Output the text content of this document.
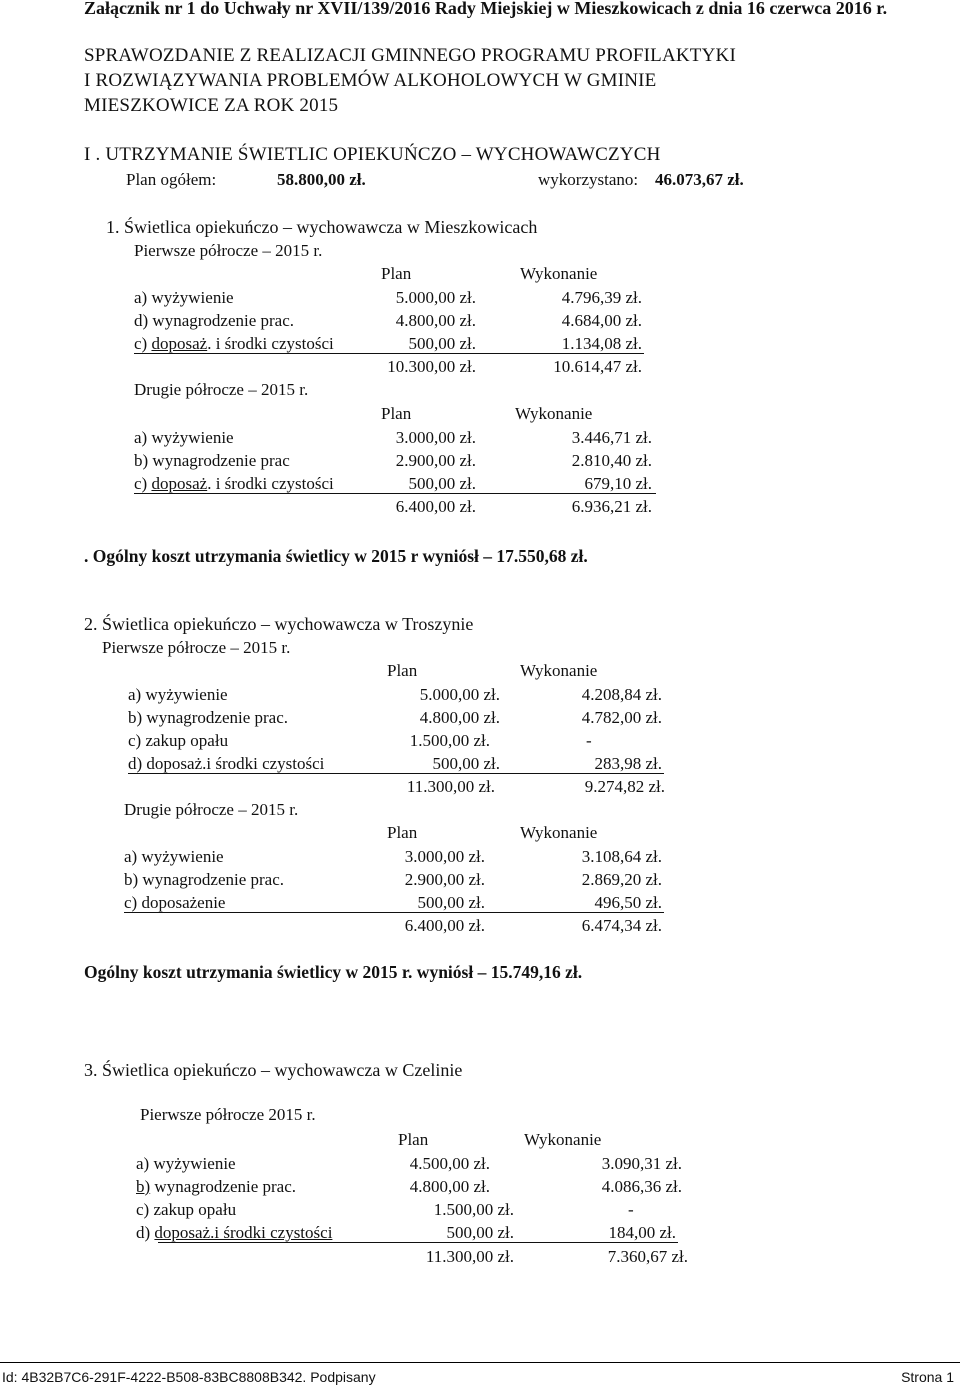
Załącznik nr 1 do Uchwały nr XVII/139/2016 Rady Miejskiej w Mieszkowicach z dnia 16 czerwca 2016 r.
SPRAWOZDANIE Z REALIZACJI GMINNEGO PROGRAMU PROFILAKTYKI
I ROZWIĄZYWANIA PROBLEMÓW ALKOHOLOWYCH W GMINIE
MIESZKOWICE ZA ROK 2015
I . UTRZYMANIE ŚWIETLIC OPIEKUŃCZO – WYCHOWAWCZYCH
Plan ogółem:	58.800,00 zł.	wykorzystano: 46.073,67 zł.
1. Świetlica opiekuńczo – wychowawcza w Mieszkowicach
Pierwsze półrocze – 2015 r.
Plan	Wykonanie
a) wyżywienie	5.000,00 zł.	4.796,39 zł.
d) wynagrodzenie prac.	4.800,00 zł.	4.684,00 zł.
c) doposaż. i środki czystości	500,00 zł.	1.134,08 zł.
10.300,00 zł.	10.614,47 zł.
Drugie półrocze – 2015 r.
Plan	Wykonanie
a) wyżywienie	3.000,00 zł.	3.446,71 zł.
b) wynagrodzenie prac	2.900,00 zł.	2.810,40 zł.
c) doposaż. i środki czystości	500,00 zł.	679,10 zł.
6.400,00 zł.	6.936,21 zł.
. Ogólny koszt utrzymania świetlicy w 2015 r wyniósł – 17.550,68 zł.
2. Świetlica opiekuńczo – wychowawcza w Troszynie
Pierwsze półrocze – 2015 r.
Plan	Wykonanie
a) wyżywienie	5.000,00 zł.	4.208,84 zł.
b) wynagrodzenie prac.	4.800,00 zł.	4.782,00 zł.
c) zakup opału	1.500,00 zł.	-
d) doposaż.i środki czystości	500,00 zł.	283,98 zł.
11.300,00 zł.	9.274,82 zł.
Drugie półrocze – 2015 r.
Plan	Wykonanie
a) wyżywienie	3.000,00 zł.	3.108,64 zł.
b) wynagrodzenie prac.	2.900,00 zł.	2.869,20 zł.
c) doposażenie	500,00 zł.	496,50 zł.
6.400,00 zł.	6.474,34 zł.
Ogólny koszt utrzymania świetlicy w 2015 r. wyniósł – 15.749,16 zł.
3. Świetlica opiekuńczo – wychowawcza w Czelinie
Pierwsze półrocze 2015 r.
Plan	Wykonanie
a) wyżywienie	4.500,00 zł.	3.090,31 zł.
b) wynagrodzenie prac.	4.800,00 zł.	4.086,36 zł.
c) zakup opału	1.500,00 zł.	-
d) doposaż.i środki czystości	500,00 zł.	184,00 zł.
11.300,00 zł.	7.360,67 zł.
Id: 4B32B7C6-291F-4222-B508-83BC8808B342. Podpisany	Strona 1
